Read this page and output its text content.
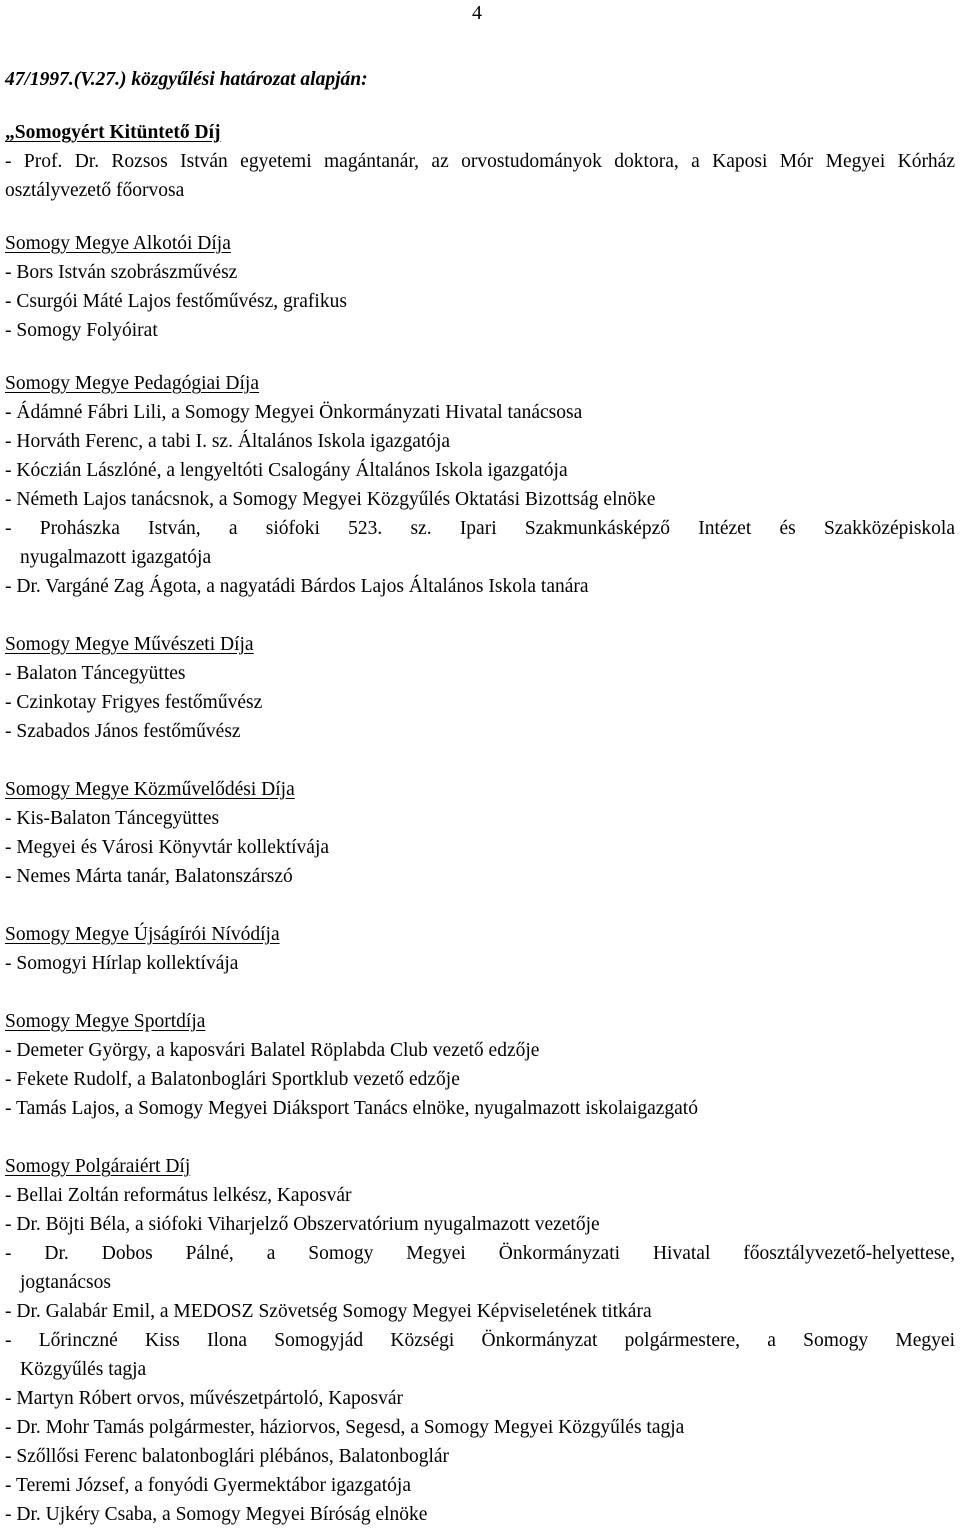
4

47/1997.(V.27.) közgyűlési határozat alapján:

„Somogyért Kitüntető Díj

- Prof. Dr. Rozsos István egyetemi magántanár, az orvostudományok doktora, a Kaposi Mór Megyei Kórház osztályvezető főorvosa

Somogy Megye Alkotói Díja

- Bors István szobrászművész

- Csurgói Máté Lajos festőművész, grafikus

- Somogy Folyóirat

Somogy Megye Pedagógiai Díja

- Ádámné Fábri Lili, a Somogy Megyei Önkormányzati Hivatal tanácsosa

- Horváth Ferenc, a tabi I. sz. Általános Iskola igazgatója

- Kóczián Lászlóné, a lengyeltóti Csalogány Általános Iskola igazgatója

- Németh Lajos tanácsnok, a Somogy Megyei Közgyűlés Oktatási Bizottság elnöke

- Prohászka István, a siófoki 523. sz. Ipari Szakmunkásképző Intézet és Szakközépiskola

nyugalmazott igazgatója

- Dr. Vargáné Zag Ágota, a nagyatádi Bárdos Lajos Általános Iskola tanára

Somogy Megye Művészeti Díja

- Balaton Táncegyüttes

- Czinkotay Frigyes festőművész

- Szabados János festőművész

Somogy Megye Közművelődési Díja

- Kis-Balaton Táncegyüttes

- Megyei és Városi Könyvtár kollektívája

- Nemes Márta tanár, Balatonszárszó

Somogy Megye Újságírói Nívódíja

- Somogyi Hírlap kollektívája

Somogy Megye Sportdíja

- Demeter György, a kaposvári Balatel Röplabda Club vezető edzője

- Fekete Rudolf, a Balatonboglári Sportklub vezető edzője

- Tamás Lajos, a Somogy Megyei Diáksport Tanács elnöke, nyugalmazott iskolaigazgató

Somogy Polgáraiért Díj

- Bellai Zoltán református lelkész, Kaposvár

- Dr. Böjti Béla, a siófoki Viharjelző Obszervatórium nyugalmazott vezetője

- Dr. Dobos Pálné, a Somogy Megyei Önkormányzati Hivatal főosztályvezető-helyettese,

jogtanácsos

- Dr. Galabár Emil, a MEDOSZ Szövetség Somogy Megyei Képviseletének titkára

- Lőrinczné Kiss Ilona Somogyjád Községi Önkormányzat polgármestere, a Somogy Megyei

Közgyűlés tagja

- Martyn Róbert orvos, művészetpártoló, Kaposvár

- Dr. Mohr Tamás polgármester, háziorvos, Segesd, a Somogy Megyei Közgyűlés tagja

- Szőllősi Ferenc balatonboglári plébános, Balatonboglár

- Teremi József, a fonyódi Gyermektábor igazgatója

- Dr. Ujkéry Csaba, a Somogy Megyei Bíróság elnöke
